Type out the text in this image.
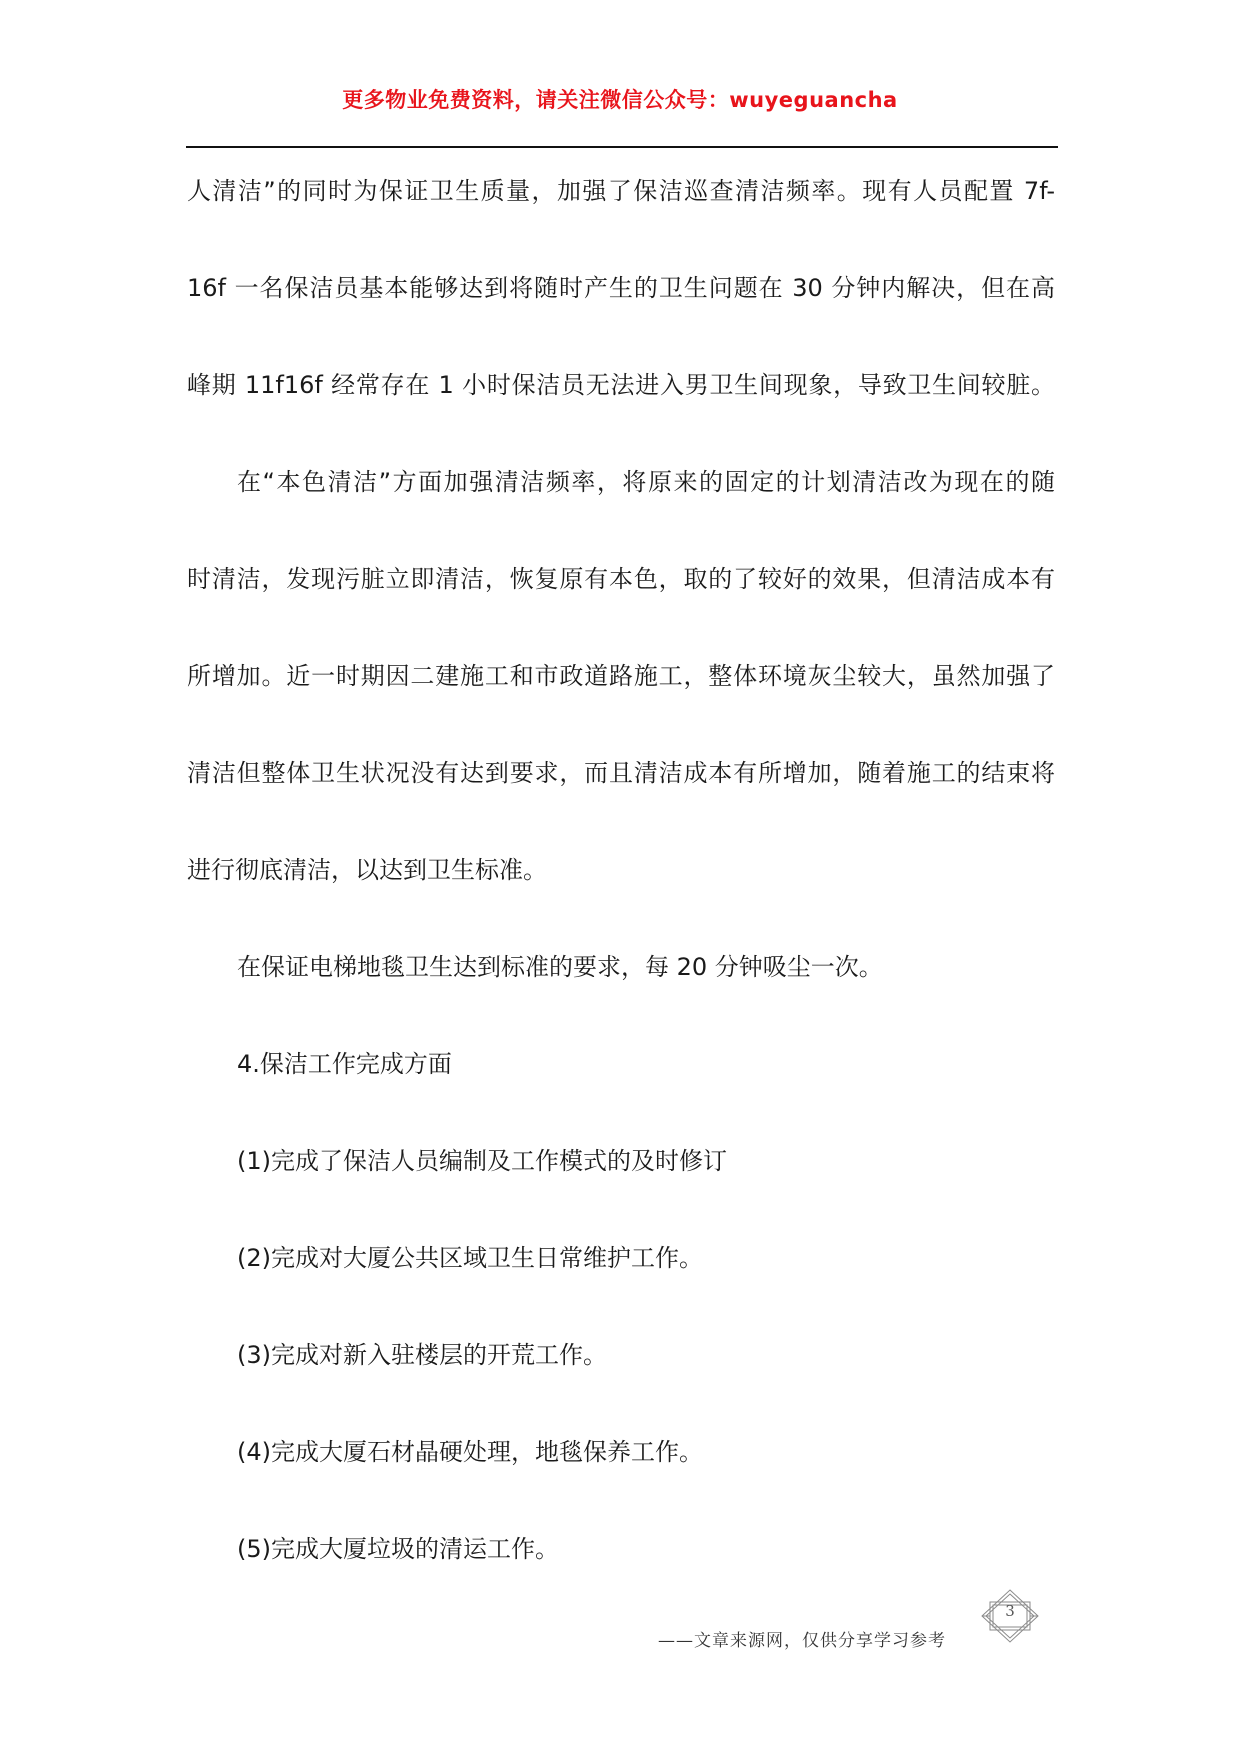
更多物业免费资料，请关注微信公众号：wuyeguancha
人清洁”的同时为保证卫生质量，加强了保洁巡查清洁频率。现有人员配置 7f-
16f 一名保洁员基本能够达到将随时产生的卫生问题在 30 分钟内解决，但在高
峰期 11f16f 经常存在 1 小时保洁员无法进入男卫生间现象，导致卫生间较脏。
在“本色清洁”方面加强清洁频率，将原来的固定的计划清洁改为现在的随
时清洁，发现污脏立即清洁，恢复原有本色，取的了较好的效果，但清洁成本有
所增加。近一时期因二建施工和市政道路施工，整体环境灰尘较大，虽然加强了
清洁但整体卫生状况没有达到要求，而且清洁成本有所增加，随着施工的结束将
进行彻底清洁，以达到卫生标准。
在保证电梯地毯卫生达到标准的要求，每 20 分钟吸尘一次。
4.保洁工作完成方面
(1)完成了保洁人员编制及工作模式的及时修订
(2)完成对大厦公共区域卫生日常维护工作。
(3)完成对新入驻楼层的开荒工作。
(4)完成大厦石材晶硬处理，地毯保养工作。
(5)完成大厦垃圾的清运工作。
——文章来源网，仅供分享学习参考
3
